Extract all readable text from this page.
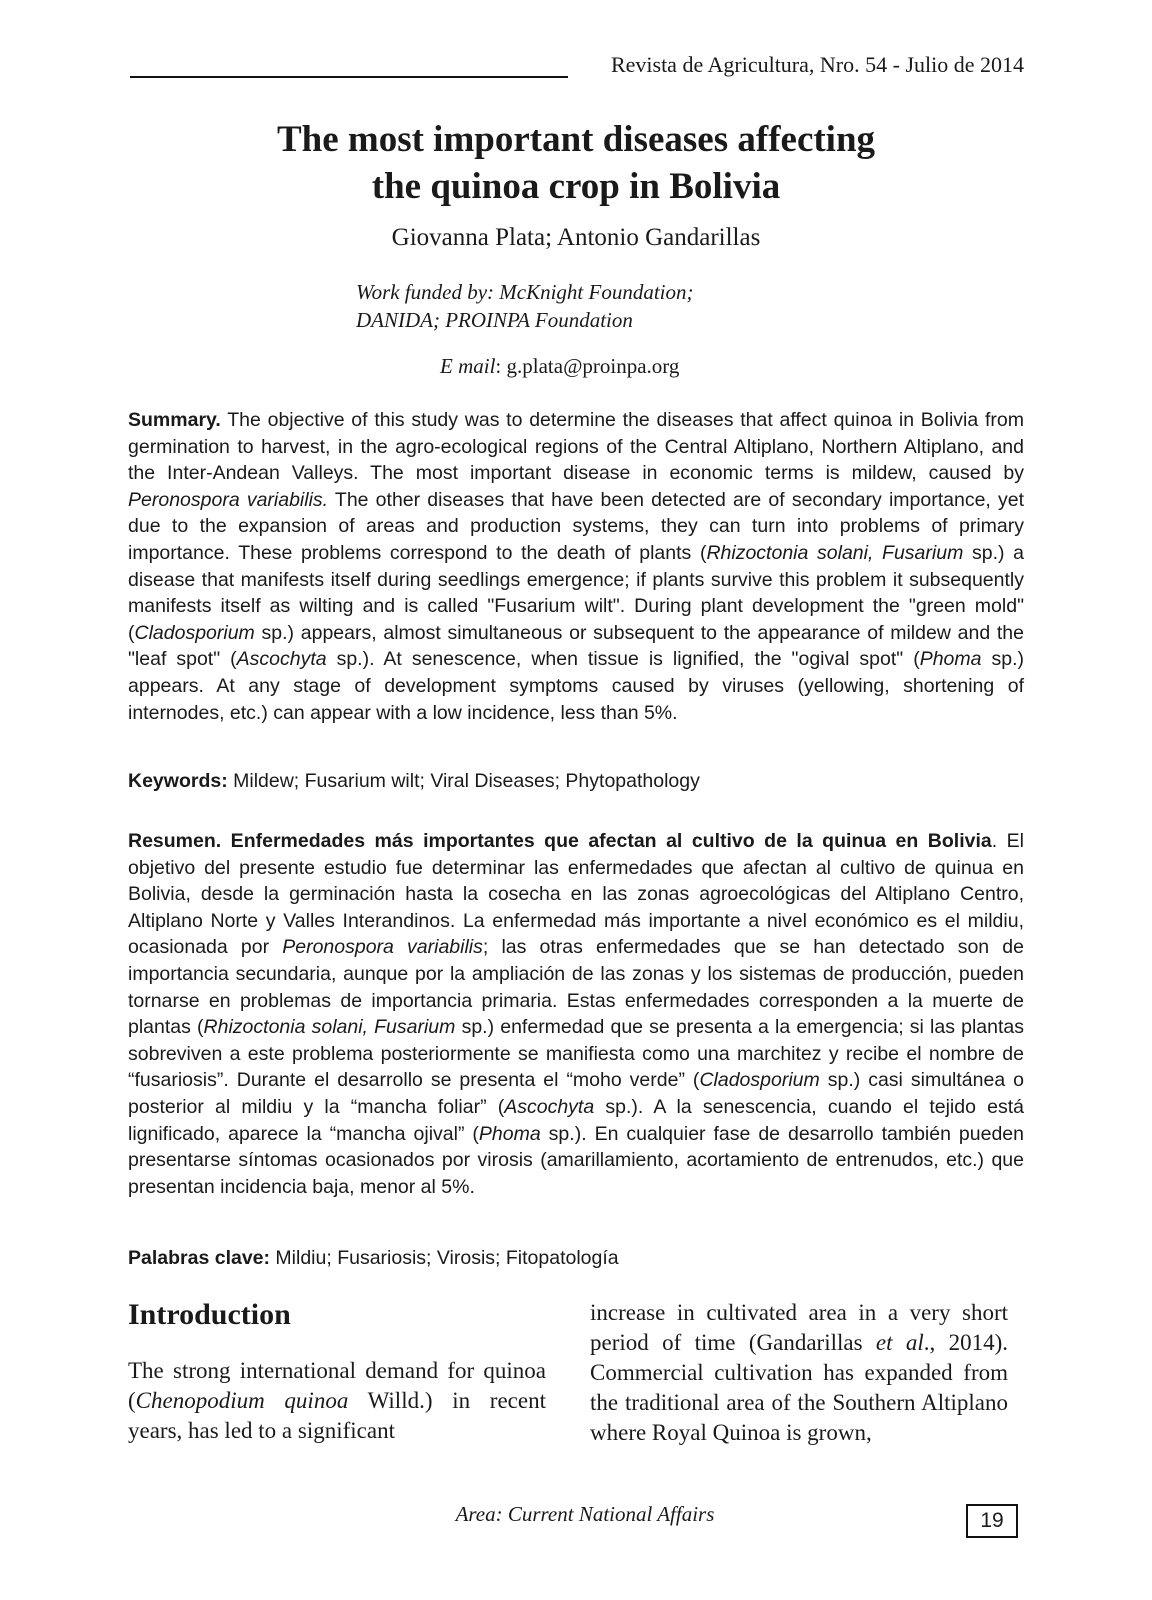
Revista de Agricultura, Nro. 54 - Julio de 2014
The most important diseases affecting
the quinoa crop in Bolivia
Giovanna Plata; Antonio Gandarillas
Work funded by: McKnight Foundation;
DANIDA; PROINPA Foundation
E mail: g.plata@proinpa.org
Summary. The objective of this study was to determine the diseases that affect quinoa in Bolivia from germination to harvest, in the agro-ecological regions of the Central Altiplano, Northern Altiplano, and the Inter-Andean Valleys. The most important disease in economic terms is mildew, caused by Peronospora variabilis. The other diseases that have been detected are of secondary importance, yet due to the expansion of areas and production systems, they can turn into problems of primary importance. These problems correspond to the death of plants (Rhizoctonia solani, Fusarium sp.) a disease that manifests itself during seedlings emergence; if plants survive this problem it subsequently manifests itself as wilting and is called "Fusarium wilt". During plant development the "green mold" (Cladosporium sp.) appears, almost simultaneous or subsequent to the appearance of mildew and the "leaf spot" (Ascochyta sp.). At senescence, when tissue is lignified, the "ogival spot" (Phoma sp.) appears. At any stage of development symptoms caused by viruses (yellowing, shortening of internodes, etc.) can appear with a low incidence, less than 5%.
Keywords: Mildew; Fusarium wilt; Viral Diseases; Phytopathology
Resumen. Enfermedades más importantes que afectan al cultivo de la quinua en Bolivia. El objetivo del presente estudio fue determinar las enfermedades que afectan al cultivo de quinua en Bolivia, desde la germinación hasta la cosecha en las zonas agroecológicas del Altiplano Centro, Altiplano Norte y Valles Interandinos. La enfermedad más importante a nivel económico es el mildiu, ocasionada por Peronospora variabilis; las otras enfermedades que se han detectado son de importancia secundaria, aunque por la ampliación de las zonas y los sistemas de producción, pueden tornarse en problemas de importancia primaria. Estas enfermedades corresponden a la muerte de plantas (Rhizoctonia solani, Fusarium sp.) enfermedad que se presenta a la emergencia; si las plantas sobreviven a este problema posteriormente se manifiesta como una marchitez y recibe el nombre de “fusariosis”. Durante el desarrollo se presenta el “moho verde” (Cladosporium sp.) casi simultánea o posterior al mildiu y la “mancha foliar” (Ascochyta sp.). A la senescencia, cuando el tejido está lignificado, aparece la “mancha ojival” (Phoma sp.). En cualquier fase de desarrollo también pueden presentarse síntomas ocasionados por virosis (amarillamiento, acortamiento de entrenudos, etc.) que presentan incidencia baja, menor al 5%.
Palabras clave: Mildiu; Fusariosis; Virosis; Fitopatología
Introduction
The strong international demand for quinoa (Chenopodium quinoa Willd.) in recent years, has led to a significant
increase in cultivated area in a very short period of time (Gandarillas et al., 2014). Commercial cultivation has expanded from the traditional area of the Southern Altiplano where Royal Quinoa is grown,
Area: Current National Affairs	19
